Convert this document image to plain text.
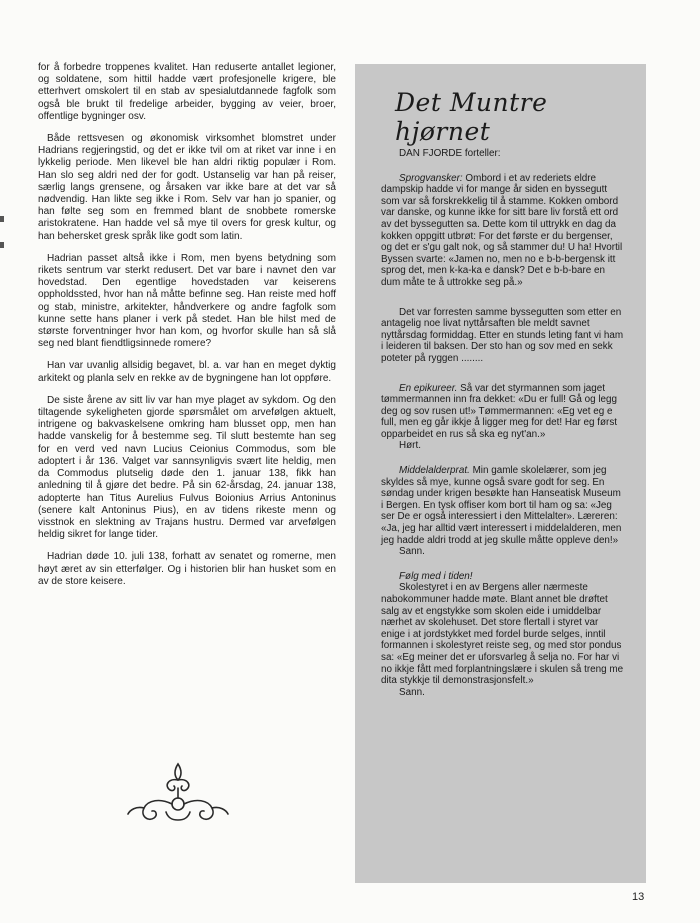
for å forbedre troppenes kvalitet. Han reduserte antallet legioner, og soldatene, som hittil hadde vært profesjonelle krigere, ble etterhvert omskolert til en stab av spesialutdannede fagfolk som også ble brukt til fredelige arbeider, bygging av veier, broer, offentlige bygninger osv.

Både rettsvesen og økonomisk virksomhet blomstret under Hadrians regjeringstid, og det er ikke tvil om at riket var inne i en lykkelig periode. Men likevel ble han aldri riktig populær i Rom. Han slo seg aldri ned der for godt. Ustanselig var han på reiser, særlig langs grensene, og årsaken var ikke bare at det var så nødvendig. Han likte seg ikke i Rom. Selv var han jo spanier, og han følte seg som en fremmed blant de snobbete romerske aristokratene. Han hadde vel så mye til overs for gresk kultur, og han behersket gresk språk like godt som latin.

Hadrian passet altså ikke i Rom, men byens betydning som rikets sentrum var sterkt redusert. Det var bare i navnet den var hovedstad. Den egentlige hovedstaden var keiserens oppholdssted, hvor han nå måtte befinne seg. Han reiste med hoff og stab, ministre, arkitekter, håndverkere og andre fagfolk som kunne sette hans planer i verk på stedet. Han ble hilst med de største forventninger hvor han kom, og hvorfor skulle han så slå seg ned blant fiendtligsinnede romere?

Han var uvanlig allsidig begavet, bl. a. var han en meget dyktig arkitekt og planla selv en rekke av de bygningene han lot oppføre.

De siste årene av sitt liv var han mye plaget av sykdom. Og den tiltagende sykeligheten gjorde spørsmålet om arvefølgen aktuelt, intrigene og bakvaskelsene omkring ham blusset opp, men han hadde vanskelig for å bestemme seg. Til slutt bestemte han seg for en verd ved navn Lucius Ceionius Commodus, som ble adoptert i år 136. Valget var sannsynligvis svært lite heldig, men da Commodus plutselig døde den 1. januar 138, fikk han anledning til å gjøre det bedre. På sin 62-årsdag, 24. januar 138, adopterte han Titus Aurelius Fulvus Boionius Arrius Antoninus (senere kalt Antoninus Pius), en av tidens rikeste menn og visstnok en slektning av Trajans hustru. Dermed var arvefølgen heldig sikret for lange tider.

Hadrian døde 10. juli 138, forhatt av senatet og romerne, men høyt æret av sin etterfølger. Og i historien blir han husket som en av de store keisere.

Det Muntre hjørnet

DAN FJORDE forteller:

Sprogvansker: Ombord i et av rederiets eldre dampskip hadde vi for mange år siden en byssegutt som var så forskrekkelig til å stamme. Kokken ombord var danske, og kunne ikke for sitt bare liv forstå ett ord av det byssegutten sa. Dette kom til uttrykk en dag da kokken oppgitt utbrøt: For det første er du bergenser, og det er s'gu galt nok, og så stammer du! U ha! Hvortil Byssen svarte: «Jamen no, men no e b-b-bergensk itt sprog det, men k-ka-ka e dansk? Det e b-b-bare en dum måte te å uttrokke seg på.»

Det var forresten samme byssegutten som etter en antagelig noe livat nyttårsaften ble meldt savnet nyttårsdag formiddag. Etter en stunds leting fant vi ham i leideren til baksen. Der sto han og sov med en sekk poteter på ryggen ........

En epikureer. Så var det styrmannen som jaget tømmermannen inn fra dekket: «Du er full! Gå og legg deg og sov rusen ut!» Tømmermannen: «Eg vet eg e full, men eg går ikkje å ligger meg for det! Har eg først opparbeidet en rus så ska eg nyt'an.»

Hørt.

Middelalderprat. Min gamle skolelærer, som jeg skyldes så mye, kunne også svare godt for seg. En søndag under krigen besøkte han Hanseatisk Museum i Bergen. En tysk offiser kom bort til ham og sa: «Jeg ser De er også interessiert i den Mittelalter». Læreren: «Ja, jeg har alltid vært interessert i middelalderen, men jeg hadde aldri trodd at jeg skulle måtte oppleve den!»

Sann.

Følg med i tiden!

Skolestyret i en av Bergens aller nærmeste nabokommuner hadde møte. Blant annet ble drøftet salg av et engstykke som skolen eide i umiddelbar nærhet av skolehuset. Det store flertall i styret var enige i at jordstykket med fordel burde selges, inntil formannen i skolestyret reiste seg, og med stor pondus sa: «Eg meiner det er uforsvarleg å selja no. For har vi no ikkje fått med forplantningslære i skulen så treng me dita stykkje til demonstrasjonsfelt.»

Sann.

13
